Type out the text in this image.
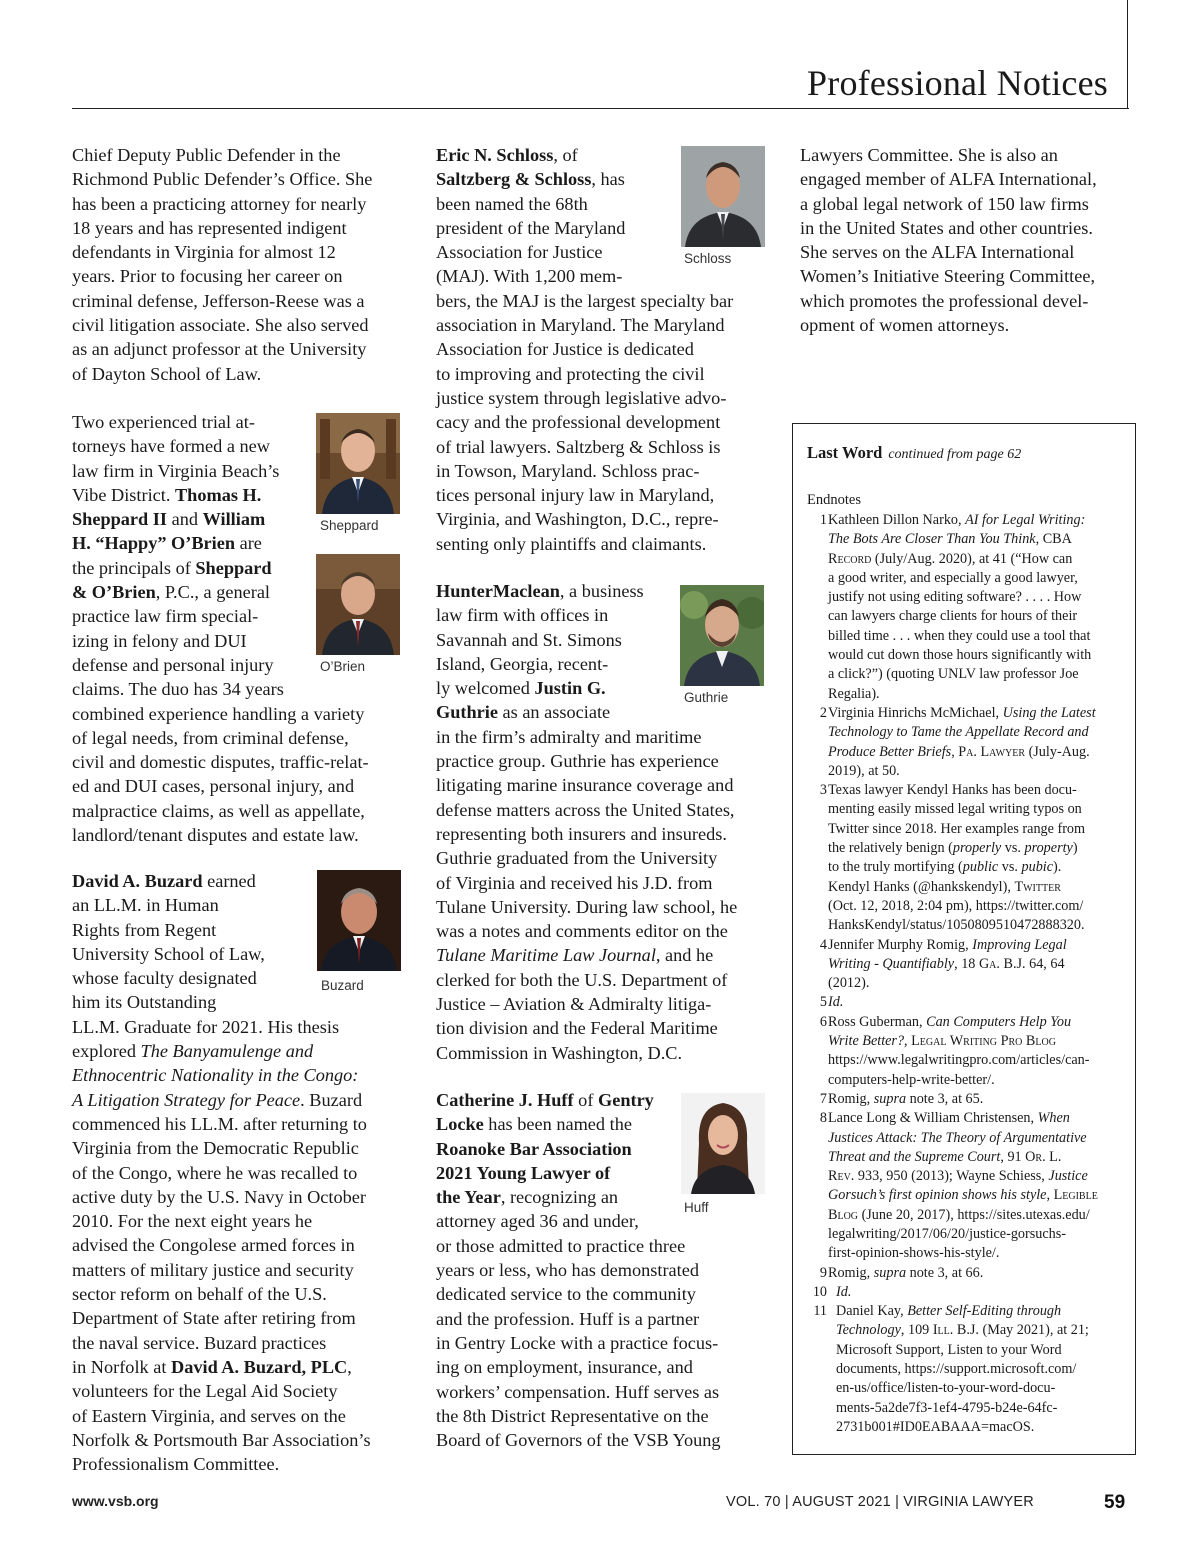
Professional Notices
Chief Deputy Public Defender in the
Richmond Public Defender’s Office. She
has been a practicing attorney for nearly
18 years and has represented indigent
defendants in Virginia for almost 12
years. Prior to focusing her career on
criminal defense, Jefferson-Reese was a
civil litigation associate. She also served
as an adjunct professor at the University
of Dayton School of Law.
Two experienced trial at-
torneys have formed a new
law firm in Virginia Beach’s
Vibe District. Thomas H.
Sheppard II and William
H. “Happy” O’Brien are
the principals of Sheppard
& O’Brien, P.C., a general
practice law firm special-
izing in felony and DUI
defense and personal injury
claims. The duo has 34 years
combined experience handling a variety
of legal needs, from criminal defense,
civil and domestic disputes, traffic-relat-
ed and DUI cases, personal injury, and
malpractice claims, as well as appellate,
landlord/tenant disputes and estate law.
David A. Buzard earned
an LL.M. in Human
Rights from Regent
University School of Law,
whose faculty designated
him its Outstanding
LL.M. Graduate for 2021. His thesis
explored The Banyamulenge and
Ethnocentric Nationality in the Congo:
A Litigation Strategy for Peace. Buzard
commenced his LL.M. after returning to
Virginia from the Democratic Republic
of the Congo, where he was recalled to
active duty by the U.S. Navy in October
2010. For the next eight years he
advised the Congolese armed forces in
matters of military justice and security
sector reform on behalf of the U.S.
Department of State after retiring from
the naval service. Buzard practices
in Norfolk at David A. Buzard, PLC,
volunteers for the Legal Aid Society
of Eastern Virginia, and serves on the
Norfolk & Portsmouth Bar Association’s
Professionalism Committee.
Sheppard
O’Brien
Buzard
Eric N. Schloss, of
Saltzberg & Schloss, has
been named the 68th
president of the Maryland
Association for Justice
(MAJ). With 1,200 mem-
bers, the MAJ is the largest specialty bar
association in Maryland. The Maryland
Association for Justice is dedicated
to improving and protecting the civil
justice system through legislative advo-
cacy and the professional development
of trial lawyers. Saltzberg & Schloss is
in Towson, Maryland. Schloss prac-
tices personal injury law in Maryland,
Virginia, and Washington, D.C., repre-
senting only plaintiffs and claimants.
HunterMaclean, a business
law firm with offices in
Savannah and St. Simons
Island, Georgia, recent-
ly welcomed Justin G.
Guthrie as an associate
in the firm’s admiralty and maritime
practice group. Guthrie has experience
litigating marine insurance coverage and
defense matters across the United States,
representing both insurers and insureds.
Guthrie graduated from the University
of Virginia and received his J.D. from
Tulane University. During law school, he
was a notes and comments editor on the
Tulane Maritime Law Journal, and he
clerked for both the U.S. Department of
Justice – Aviation & Admiralty litiga-
tion division and the Federal Maritime
Commission in Washington, D.C.
Catherine J. Huff of Gentry
Locke has been named the
Roanoke Bar Association
2021 Young Lawyer of
the Year, recognizing an
attorney aged 36 and under,
or those admitted to practice three
years or less, who has demonstrated
dedicated service to the community
and the profession. Huff is a partner
in Gentry Locke with a practice focus-
ing on employment, insurance, and
workers’ compensation. Huff serves as
the 8th District Representative on the
Board of Governors of the VSB Young
Schloss
Guthrie
Huff
Lawyers Committee. She is also an
engaged member of ALFA International,
a global legal network of 150 law firms
in the United States and other countries.
She serves on the ALFA International
Women’s Initiative Steering Committee,
which promotes the professional devel-
opment of women attorneys.
Last Word continued from page 62
Endnotes
1 Kathleen Dillon Narko, AI for Legal Writing:
The Bots Are Closer Than You Think, CBA
Record (July/Aug. 2020), at 41 (“How can
a good writer, and especially a good lawyer,
justify not using editing software? . . . . How
can lawyers charge clients for hours of their
billed time . . . when they could use a tool that
would cut down those hours significantly with
a click?”) (quoting UNLV law professor Joe
Regalia).
2 Virginia Hinrichs McMichael, Using the Latest
Technology to Tame the Appellate Record and
Produce Better Briefs, Pa. Lawyer (July-Aug.
2019), at 50.
3 Texas lawyer Kendyl Hanks has been docu-
menting easily missed legal writing typos on
Twitter since 2018. Her examples range from
the relatively benign (properly vs. property)
to the truly mortifying (public vs. pubic).
Kendyl Hanks (@hankskendyl), Twitter
(Oct. 12, 2018, 2:04 pm), https://twitter.com/
HanksKendyl/status/1050809510472888320.
4 Jennifer Murphy Romig, Improving Legal
Writing - Quantifiably, 18 Ga. B.J. 64, 64
(2012).
5 Id.
6 Ross Guberman, Can Computers Help You
Write Better?, Legal Writing Pro Blog
https://www.legalwritingpro.com/articles/can-
computers-help-write-better/.
7 Romig, supra note 3, at 65.
8 Lance Long & William Christensen, When
Justices Attack: The Theory of Argumentative
Threat and the Supreme Court, 91 Or. L.
Rev. 933, 950 (2013); Wayne Schiess, Justice
Gorsuch’s first opinion shows his style, Legible
Blog (June 20, 2017), https://sites.utexas.edu/
legalwriting/2017/06/20/justice-gorsuchs-
first-opinion-shows-his-style/.
9 Romig, supra note 3, at 66.
10 Id.
11 Daniel Kay, Better Self-Editing through
Technology, 109 Ill. B.J. (May 2021), at 21;
Microsoft Support, Listen to your Word
documents, https://support.microsoft.com/
en-us/office/listen-to-your-word-docu-
ments-5a2de7f3-1ef4-4795-b24e-64fc-
2731b001#ID0EABAAA=macOS.
www.vsb.org	VOL. 70 | AUGUST 2021 | VIRGINIA LAWYER	59
